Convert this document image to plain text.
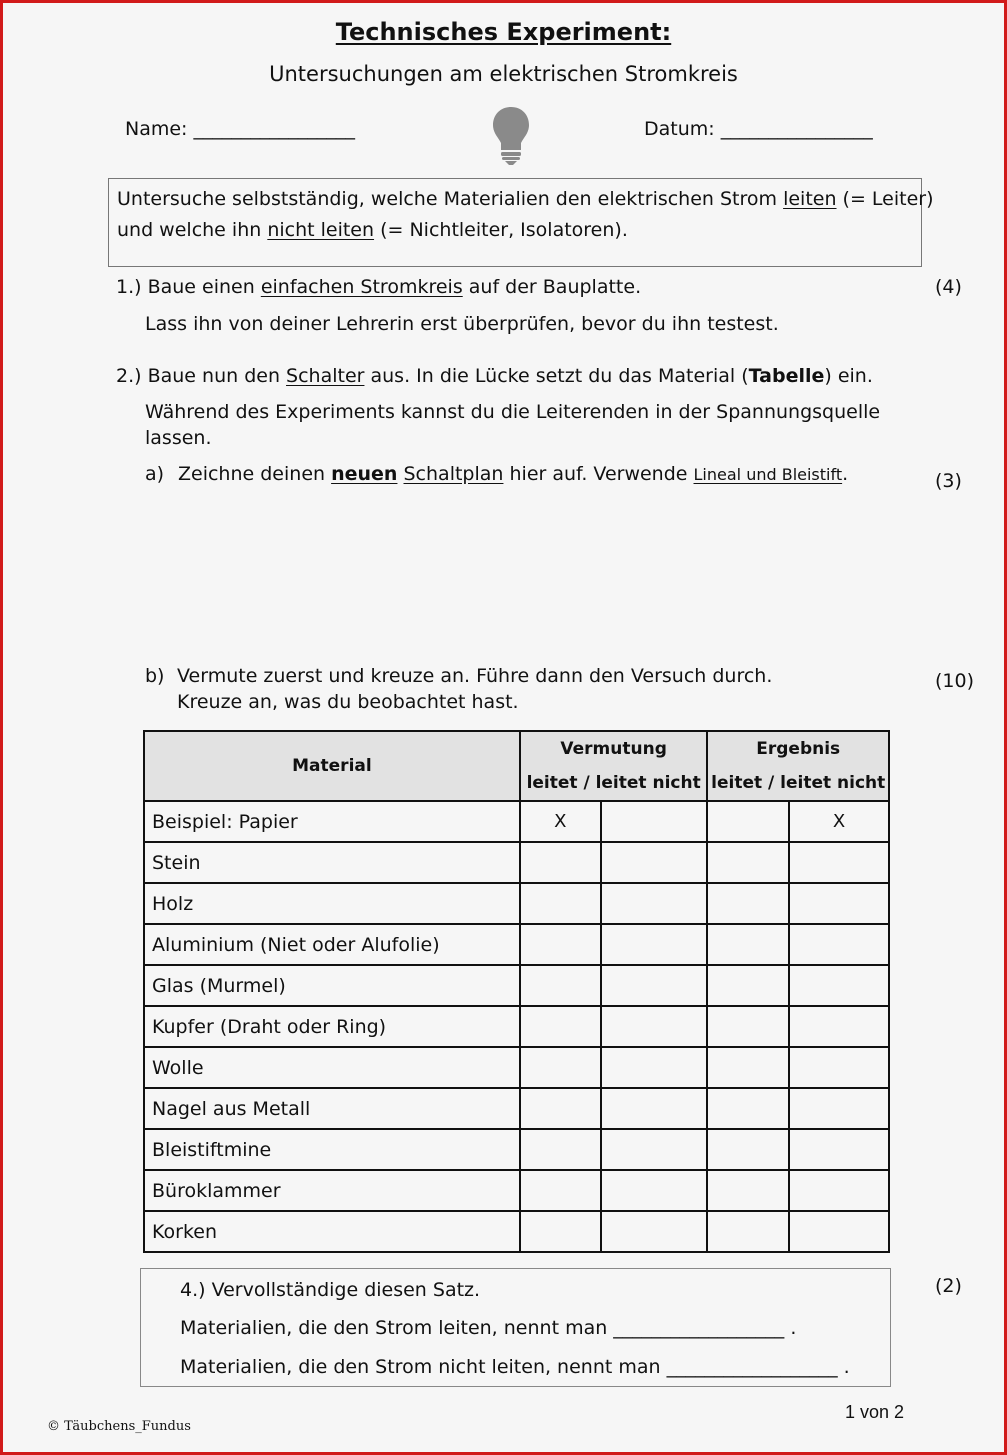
Technisches Experiment:
Untersuchungen am elektrischen Stromkreis
Name: _________________	Datum: ________________
Untersuche selbstständig, welche Materialien den elektrischen Strom leiten (= Leiter)
und welche ihn nicht leiten (= Nichtleiter, Isolatoren).
1.) Baue einen einfachen Stromkreis auf der Bauplatte.	(4)
Lass ihn von deiner Lehrerin erst überprüfen, bevor du ihn testest.
2.) Baue nun den Schalter aus. In die Lücke setzt du das Material (Tabelle) ein.
Während des Experiments kannst du die Leiterenden in der Spannungsquelle
lassen.
a) Zeichne deinen neuen Schaltplan hier auf. Verwende Lineal und Bleistift.	(3)
b) Vermute zuerst und kreuze an. Führe dann den Versuch durch.
Kreuze an, was du beobachtet hast.
(10)
Material	Vermutung		Ergebnis	
	leitet / leitet nicht		leitet / leitet nicht	
Beispiel: Papier	X			X
Stein				
Holz				
Aluminium (Niet oder Alufolie)				
Glas (Murmel)				
Kupfer (Draht oder Ring)				
Wolle				
Nagel aus Metall				
Bleistiftmine				
Büroklammer				
Korken				
4.) Vervollständige diesen Satz.	(2)
Materialien, die den Strom leiten, nennt man __________________ .
Materialien, die den Strom nicht leiten, nennt man __________________ .
© Täubchens_Fundus
1 von 2
